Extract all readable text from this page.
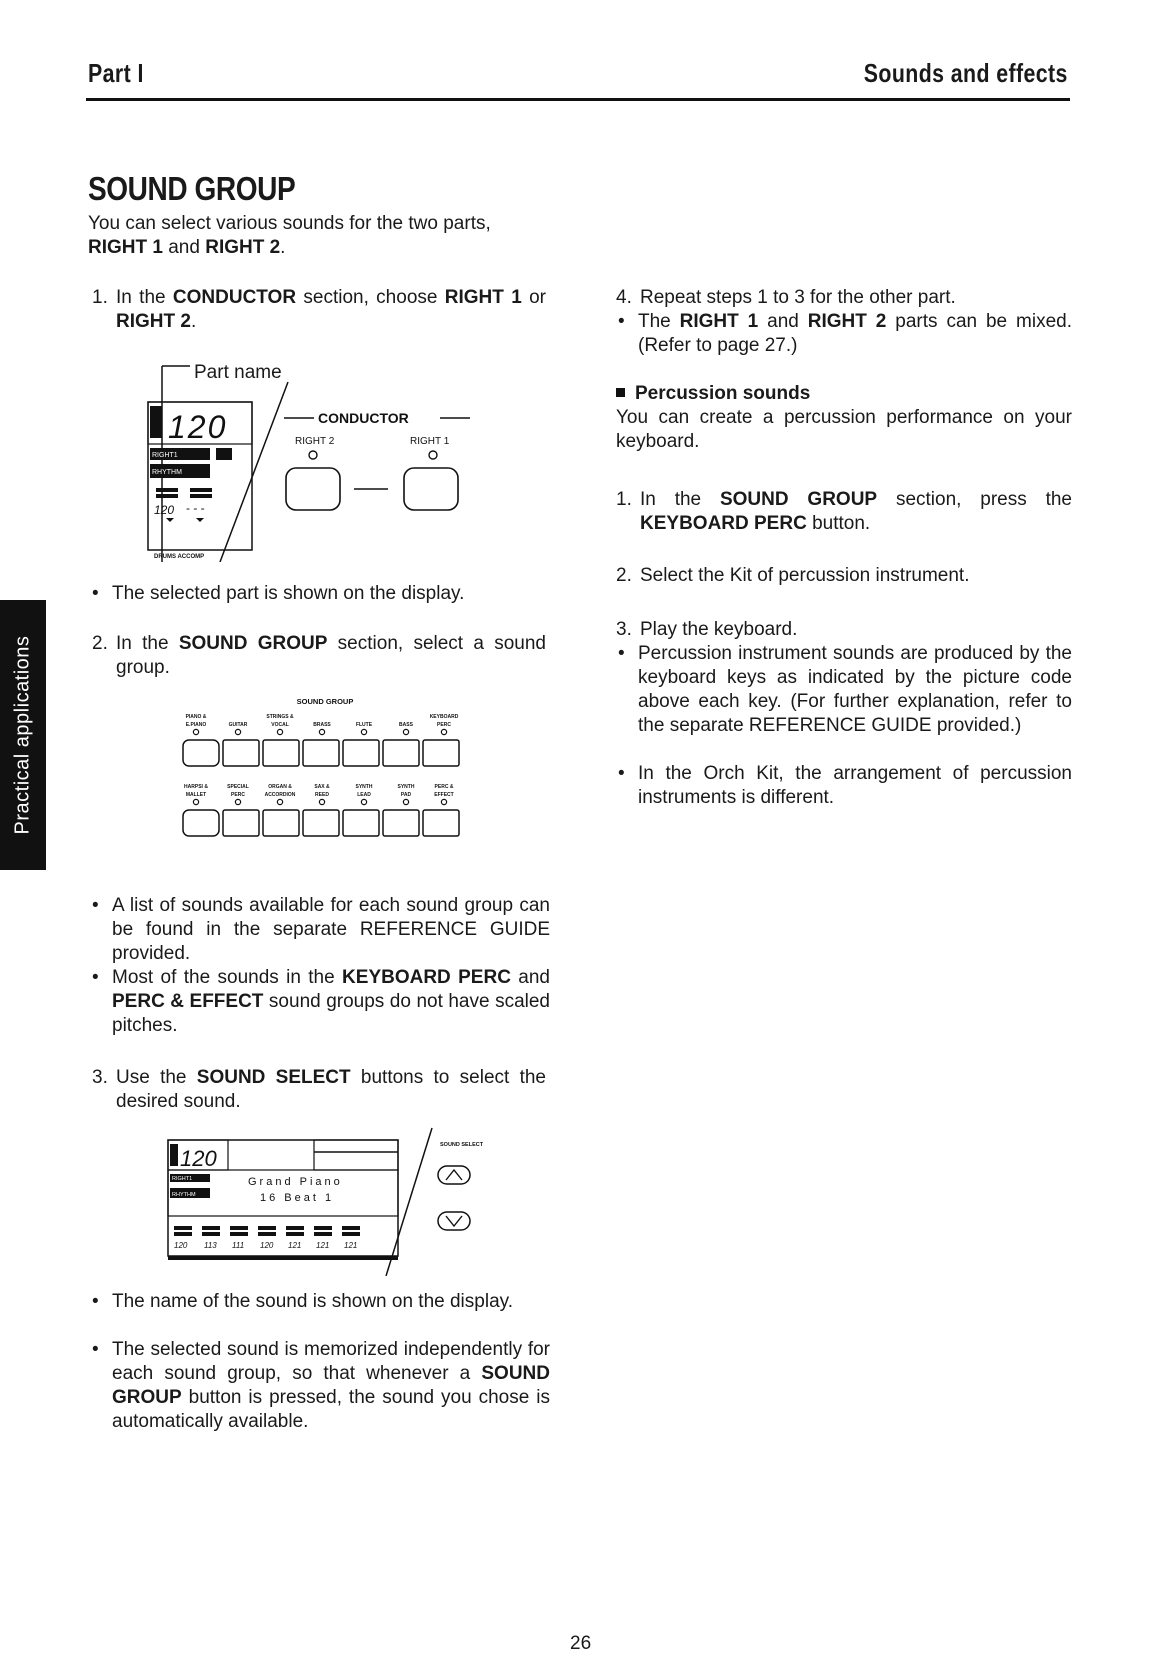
Part I	Sounds and effects
Practical applications
SOUND GROUP
You can select various sounds for the two parts,
RIGHT 1 and RIGHT 2.
1. In the CONDUCTOR section, choose RIGHT 1 or RIGHT 2.
Part name
120
RIGHT1
RHYTHM
120 - - -
DRUMS ACCOMP
CONDUCTOR
RIGHT 2	RIGHT 1
• The selected part is shown on the display.
2. In the SOUND GROUP section, select a sound group.
SOUND GROUP
PIANO &	STRINGS &	KEYBOARD
E.PIANO	GUITAR	VOCAL	BRASS	FLUTE	BASS	PERC
HARPSI &	SPECIAL	ORGAN &	SAX &	SYNTH	SYNTH	PERC &
MALLET	PERC	ACCORDION	REED	LEAD	PAD	EFFECT
• A list of sounds available for each sound group can be found in the separate REFERENCE GUIDE provided.
• Most of the sounds in the KEYBOARD PERC and PERC & EFFECT sound groups do not have scaled pitches.
3. Use the SOUND SELECT buttons to select the desired sound.
120
RIGHT1
RHYTHM
Grand Piano
16 Beat 1
120 113 111 120 121 121 121
SOUND SELECT
• The name of the sound is shown on the display.
• The selected sound is memorized independently for each sound group, so that whenever a SOUND GROUP button is pressed, the sound you chose is automatically available.
4. Repeat steps 1 to 3 for the other part.
• The RIGHT 1 and RIGHT 2 parts can be mixed. (Refer to page 27.)
Percussion sounds
You can create a percussion performance on your keyboard.
1. In the SOUND GROUP section, press the KEYBOARD PERC button.
2. Select the Kit of percussion instrument.
3. Play the keyboard.
• Percussion instrument sounds are produced by the keyboard keys as indicated by the picture code above each key. (For further explanation, refer to the separate REFERENCE GUIDE provided.)
• In the Orch Kit, the arrangement of percussion instruments is different.
26
